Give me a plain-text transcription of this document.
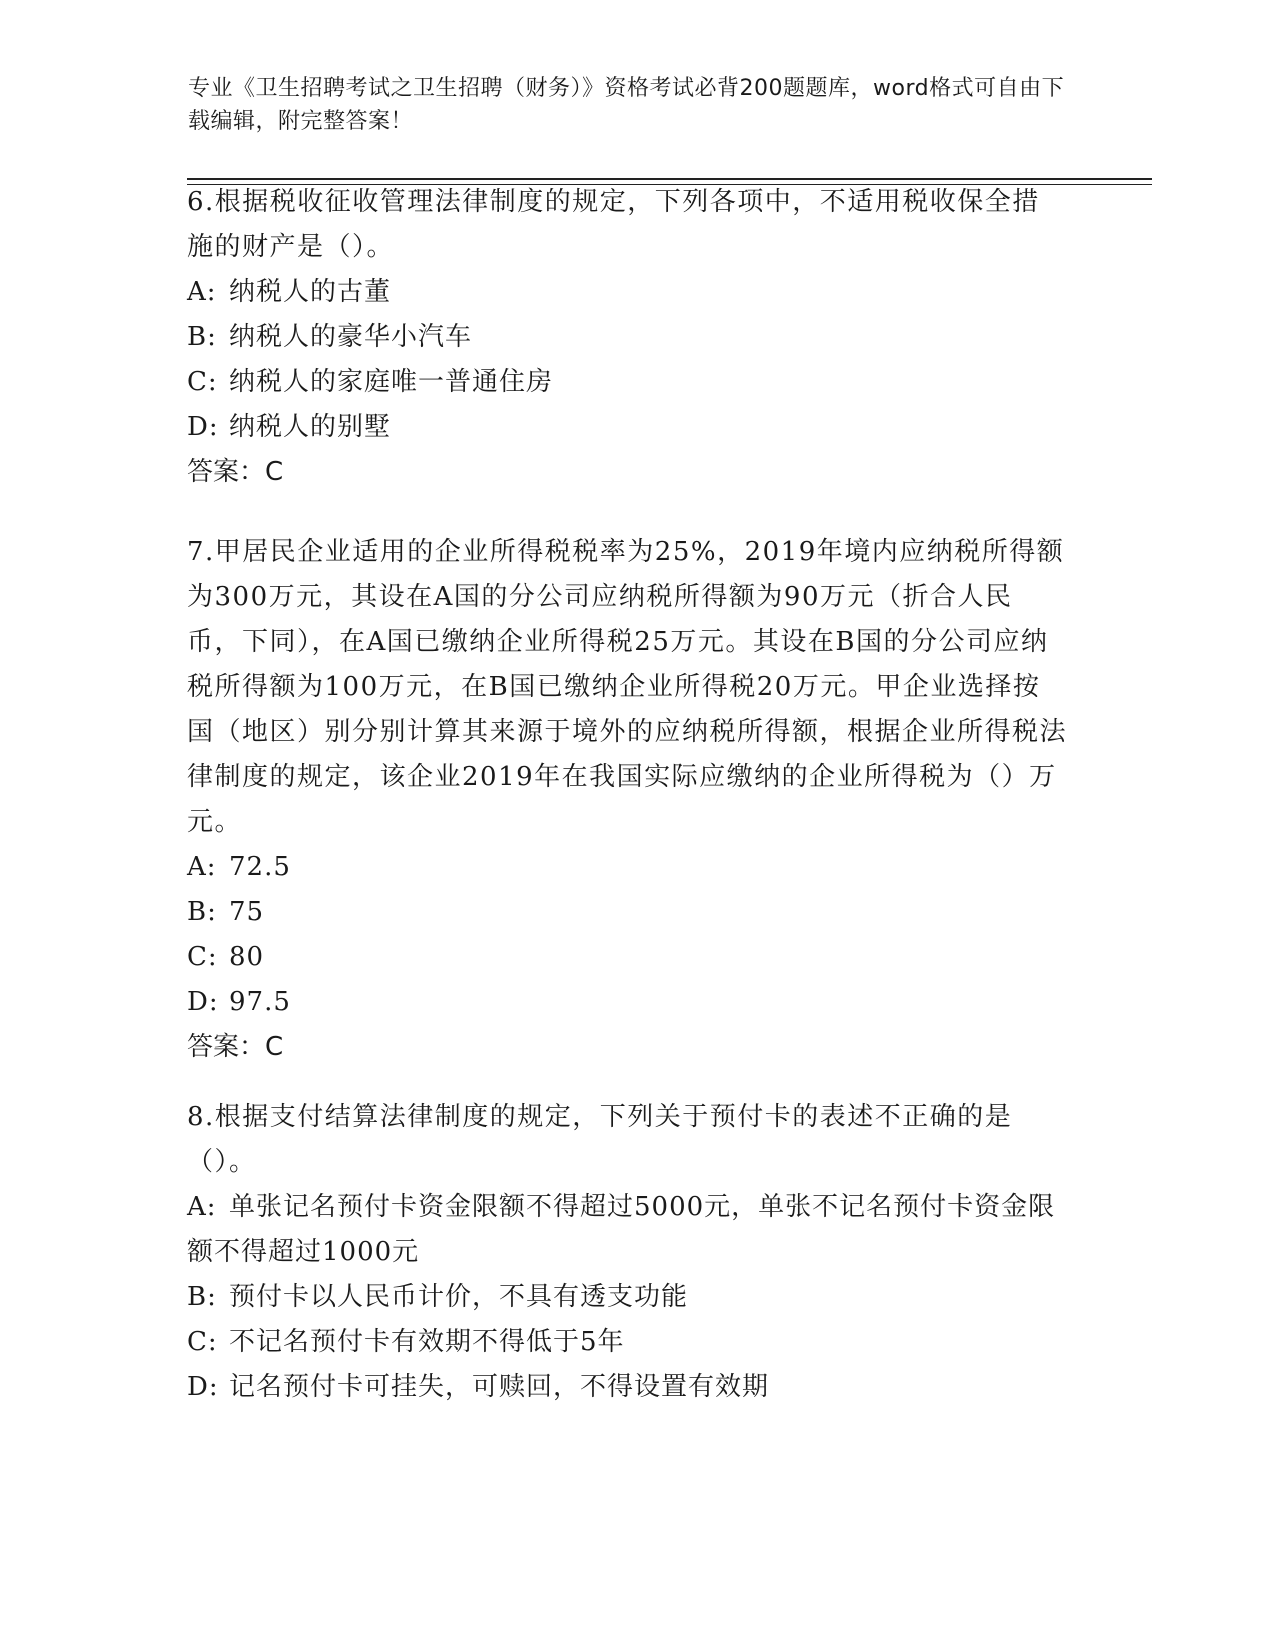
专业《卫生招聘考试之卫生招聘（财务）》资格考试必背200题题库，word格式可自由下载编辑，附完整答案！

6.根据税收征收管理法律制度的规定，下列各项中，不适用税收保全措施的财产是（）。

A: 纳税人的古董

B: 纳税人的豪华小汽车

C: 纳税人的家庭唯一普通住房

D: 纳税人的别墅

答案：C

7.甲居民企业适用的企业所得税税率为25%，2019年境内应纳税所得额为300万元，其设在A国的分公司应纳税所得额为90万元（折合人民币，下同），在A国已缴纳企业所得税25万元。其设在B国的分公司应纳税所得额为100万元，在B国已缴纳企业所得税20万元。甲企业选择按国（地区）别分别计算其来源于境外的应纳税所得额，根据企业所得税法律制度的规定，该企业2019年在我国实际应缴纳的企业所得税为（）万元。

A: 72.5

B: 75

C: 80

D: 97.5

答案：C

8.根据支付结算法律制度的规定，下列关于预付卡的表述不正确的是（）。

A: 单张记名预付卡资金限额不得超过5000元，单张不记名预付卡资金限额不得超过1000元

B: 预付卡以人民币计价，不具有透支功能

C: 不记名预付卡有效期不得低于5年

D: 记名预付卡可挂失，可赎回，不得设置有效期
